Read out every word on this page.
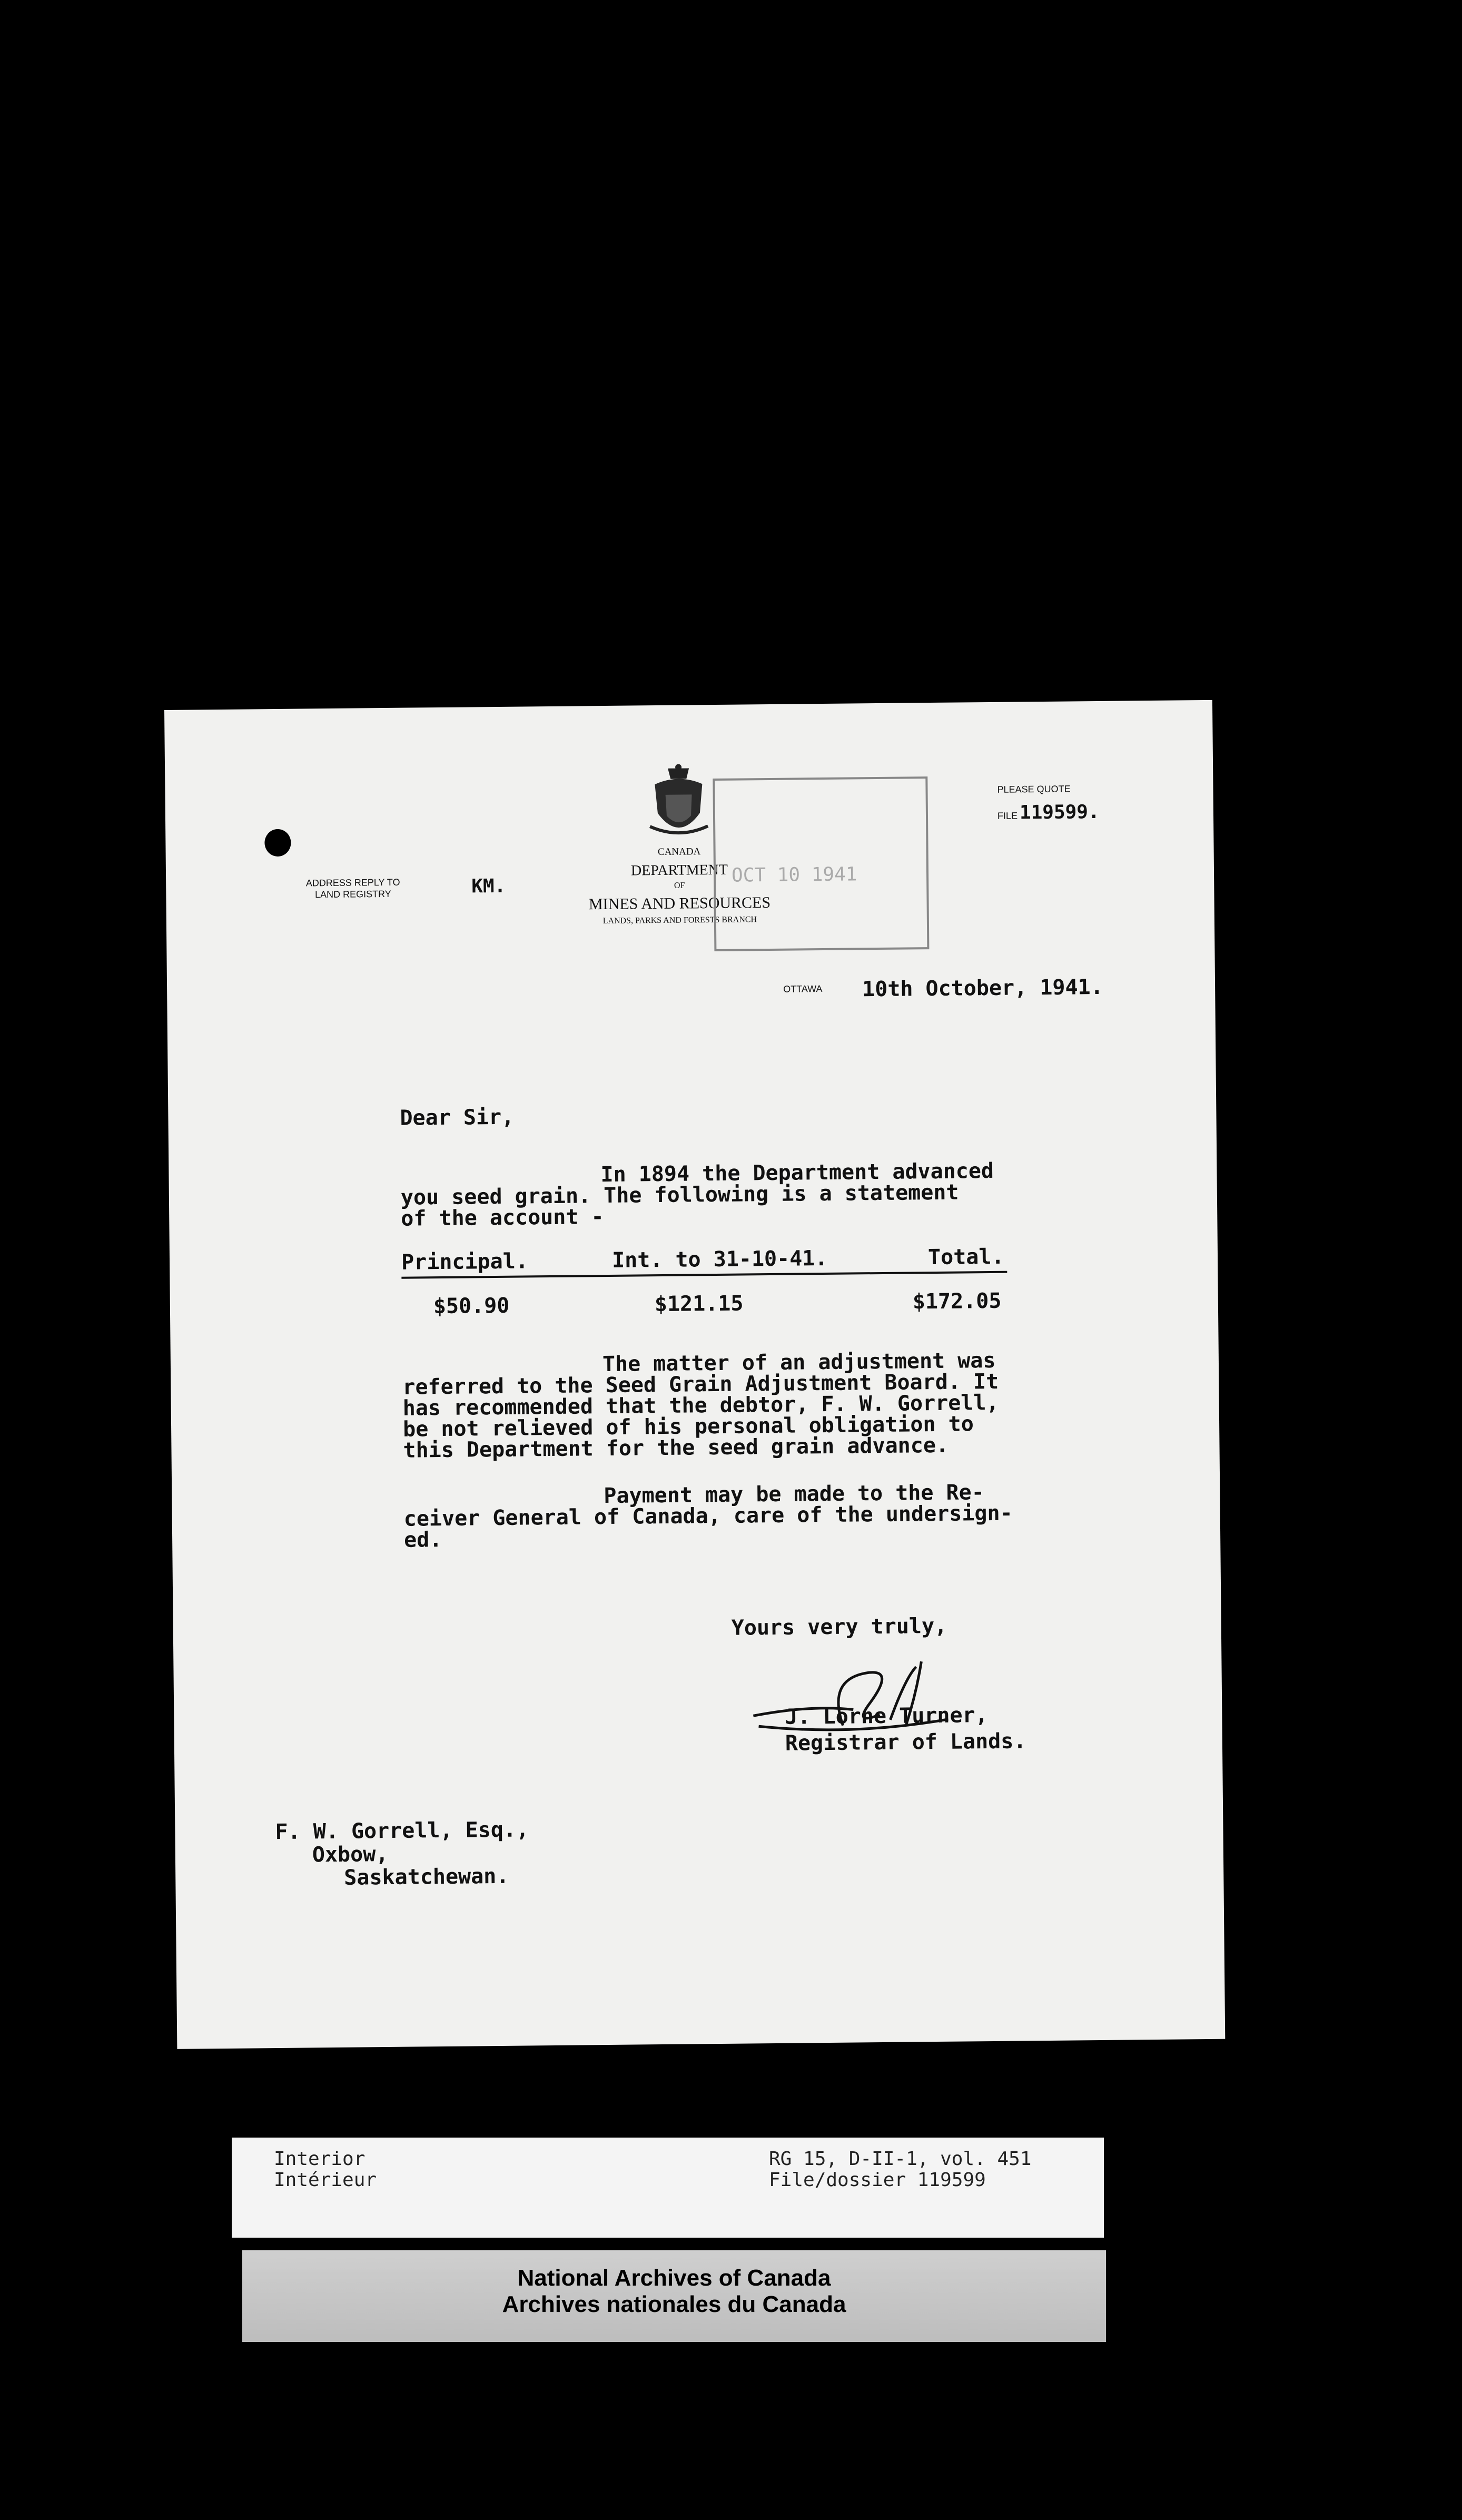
ADDRESS REPLY TO
LAND REGISTRY	KM.
CANADA
DEPARTMENT
OF
MINES AND RESOURCES
LANDS, PARKS AND FORESTS BRANCH
OCT 10 1941
PLEASE QUOTE
FILE 119599.
OTTAWA 10th October, 1941.
Dear Sir,
In 1894 the Department advanced
you seed grain. The following is a statement
of the account -
Principal.	Int. to 31-10-41.	Total.
$50.90	$121.15	$172.05
The matter of an adjustment was
referred to the Seed Grain Adjustment Board. It
has recommended that the debtor, F. W. Gorrell,
be not relieved of his personal obligation to
this Department for the seed grain advance.
Payment may be made to the Re-
ceiver General of Canada, care of the undersign-
ed.
Yours very truly,
J. Lorne Turner,
Registrar of Lands.
F. W. Gorrell, Esq.,
Oxbow,
Saskatchewan.
Interior
Intérieur
RG 15, D-II-1, vol. 451
File/dossier 119599
National Archives of Canada
Archives nationales du Canada
